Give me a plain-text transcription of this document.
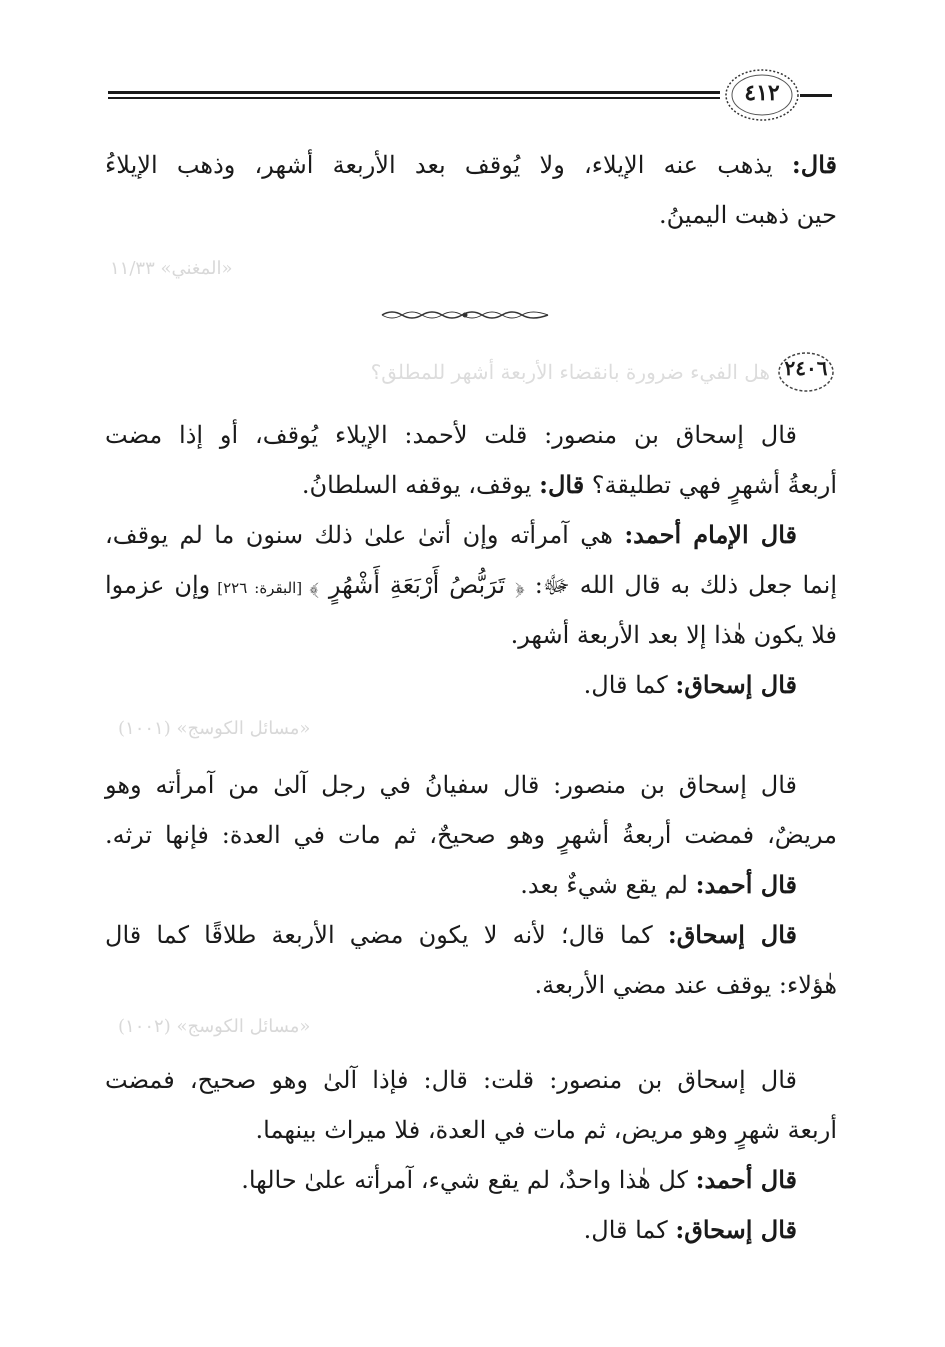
٤١٢
قال: يذهب عنه الإيلاء، ولا يُوقف بعد الأربعة أشهر، وذهب الإيلاءُ
حين ذهبت اليمينُ.
«المغني» ١١/٣٣
٢٤٠٦
هل الفيء ضرورة بانقضاء الأربعة أشهر للمطلق؟
قال إسحاق بن منصور: قلت لأحمد: الإيلاء يُوقف، أو إذا مضت
أربعةُ أشهرٍ فهي تطليقة؟ قال: يوقف، يوقفه السلطانُ.
قال الإمام أحمد: هي آمرأته وإن أتىٰ علىٰ ذلك سنون ما لم يوقف،
إنما جعل ذلك به قال الله ﷻ: ﴿ تَرَبُّصُ أَرْبَعَةِ أَشْهُرٍ ﴾ [البقرة: ٢٢٦] وإن عزموا
فلا يكون هٰذا إلا بعد الأربعة أشهر.
قال إسحاق: كما قال.
«مسائل الكوسج» (١٠٠١)
قال إسحاق بن منصور: قال سفيانُ في رجل آلىٰ من آمرأته وهو
مريضٌ، فمضت أربعةُ أشهرٍ وهو صحيحٌ، ثم مات في العدة: فإنها ترثه.
قال أحمد: لم يقع شيءٌ بعد.
قال إسحاق: كما قال؛ لأنه لا يكون مضي الأربعة طلاقًا كما قال
هٰؤلاء: يوقف عند مضي الأربعة.
«مسائل الكوسج» (١٠٠٢)
قال إسحاق بن منصور: قلت: قال: فإذا آلىٰ وهو صحيح، فمضت
أربعة شهرٍ وهو مريض، ثم مات في العدة، فلا ميراث بينهما.
قال أحمد: كل هٰذا واحدٌ، لم يقع شيء، آمرأته علىٰ حالها.
قال إسحاق: كما قال.
